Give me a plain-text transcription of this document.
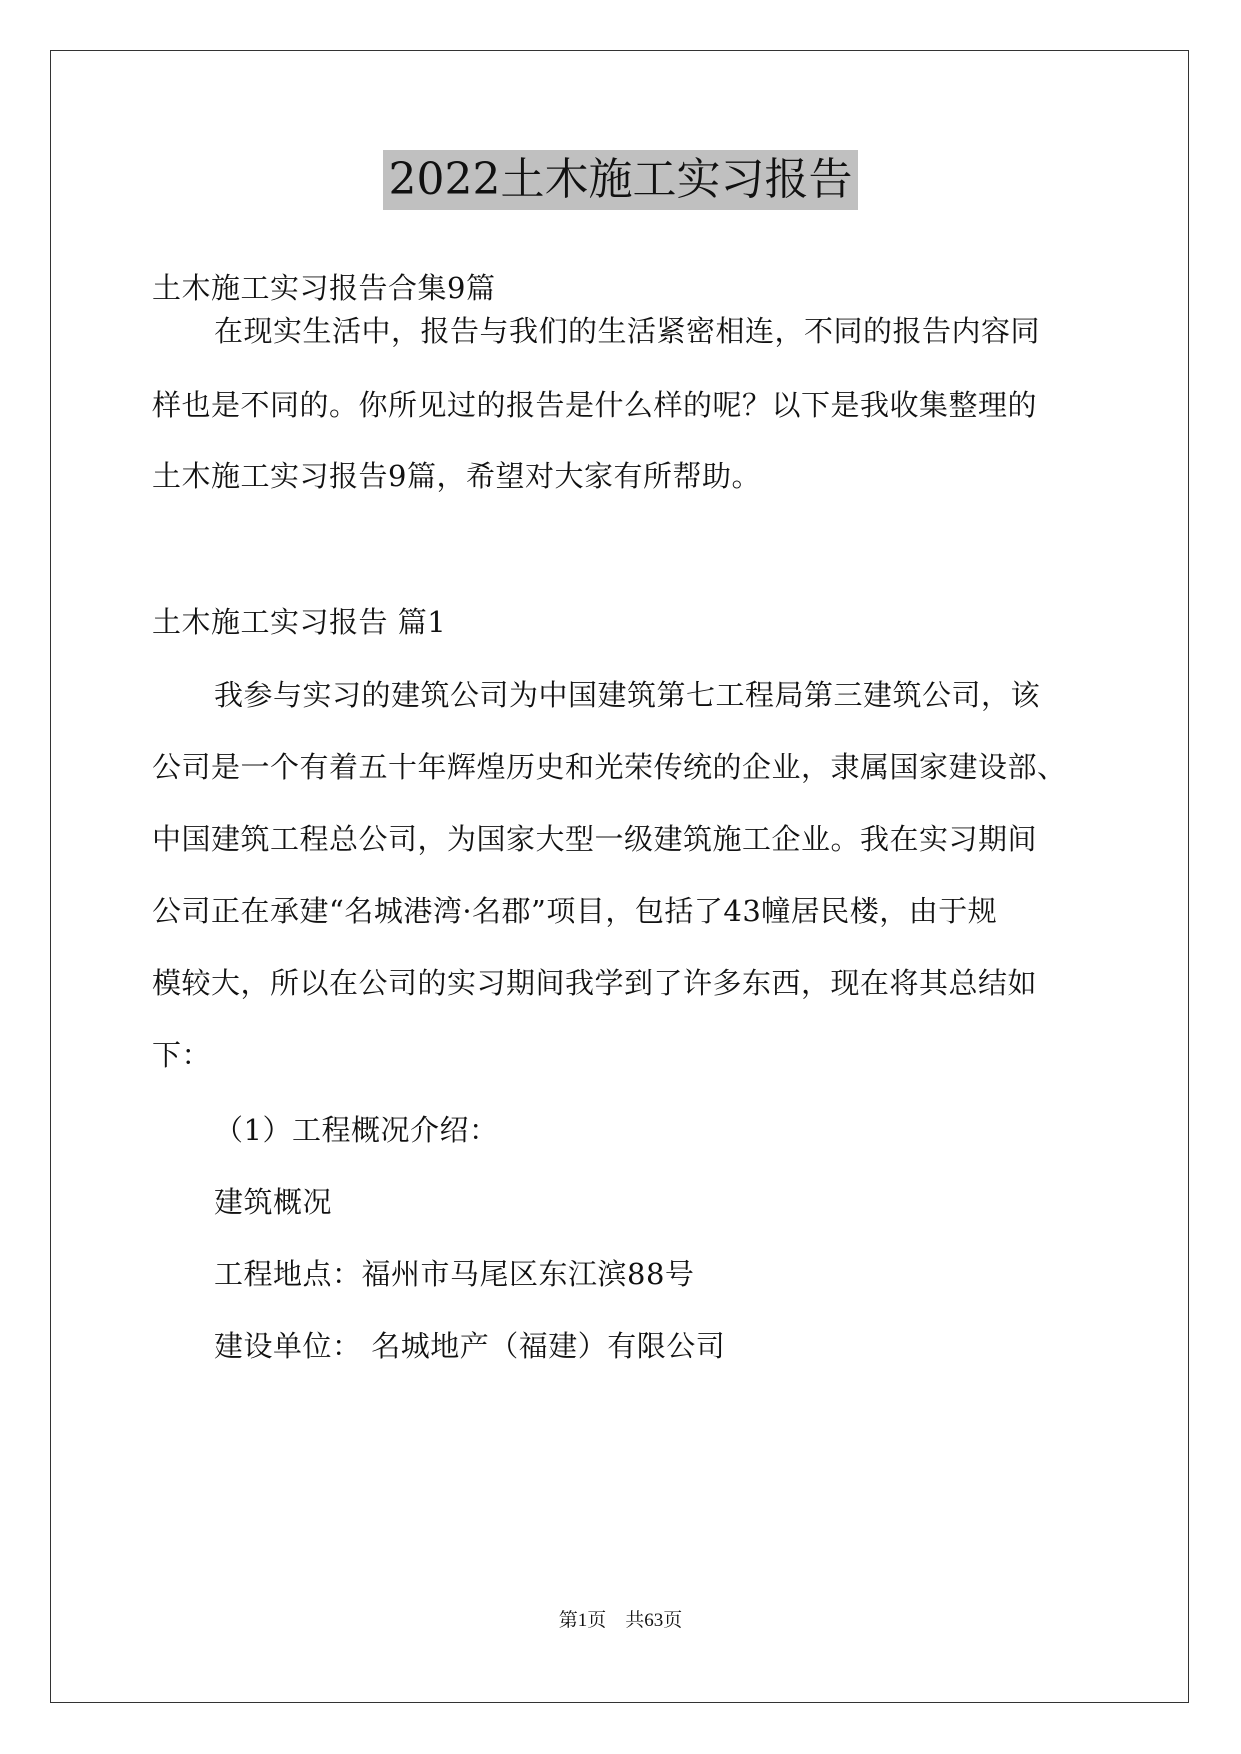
2022土木施工实习报告
土木施工实习报告合集9篇
在现实生活中，报告与我们的生活紧密相连，不同的报告内容同
样也是不同的。你所见过的报告是什么样的呢？以下是我收集整理的
土木施工实习报告9篇，希望对大家有所帮助。
土木施工实习报告 篇1
我参与实习的建筑公司为中国建筑第七工程局第三建筑公司，该
公司是一个有着五十年辉煌历史和光荣传统的企业，隶属国家建设部、
中国建筑工程总公司，为国家大型一级建筑施工企业。我在实习期间
公司正在承建“名城港湾·名郡”项目，包括了43幢居民楼，由于规
模较大，所以在公司的实习期间我学到了许多东西，现在将其总结如
下：
（1）工程概况介绍：
建筑概况
工程地点：福州市马尾区东江滨88号
建设单位： 名城地产（福建）有限公司
第1页　共63页
